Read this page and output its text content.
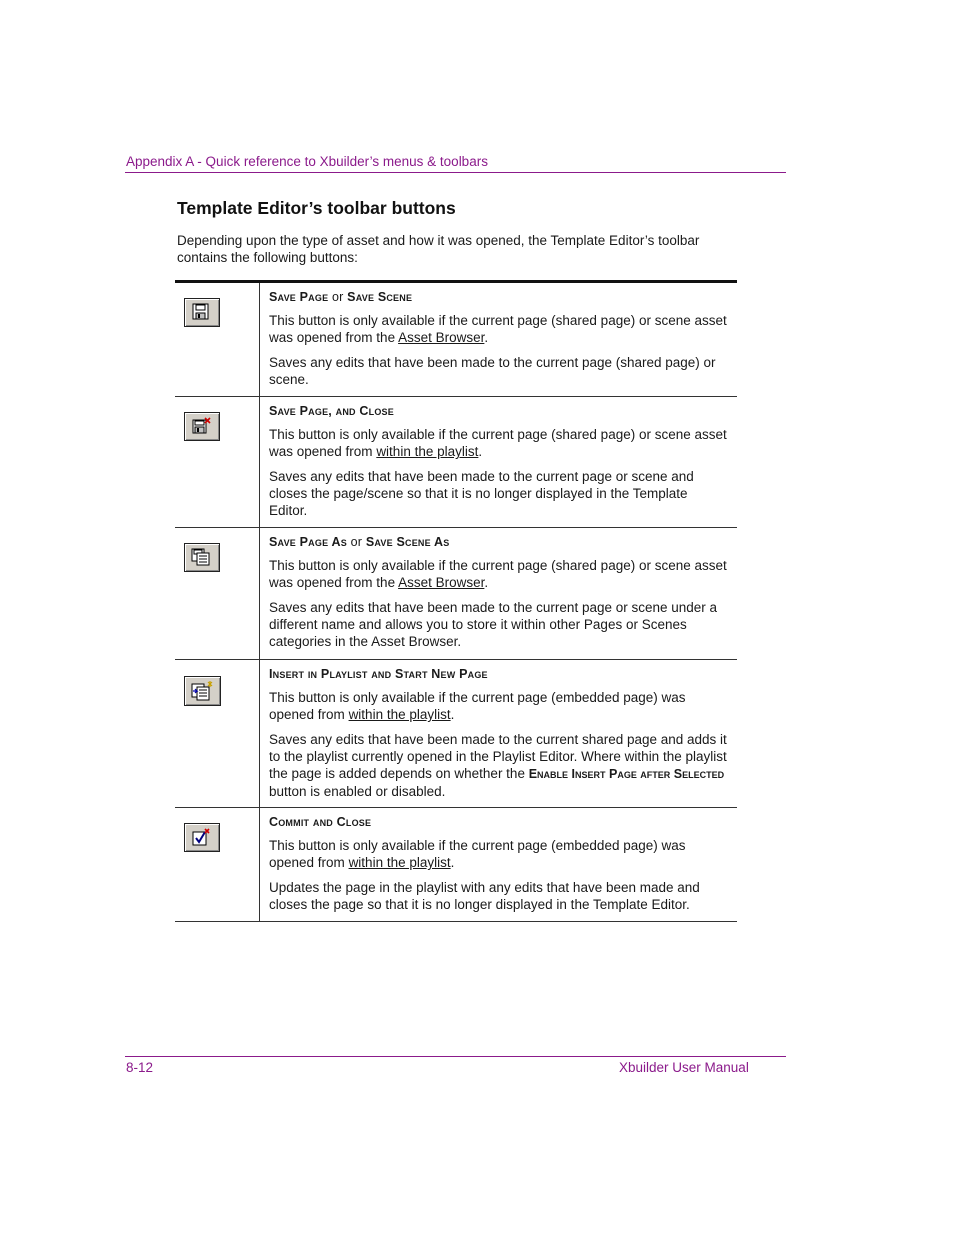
Appendix A - Quick reference to Xbuilder’s menus & toolbars
Template Editor’s toolbar buttons

Depending upon the type of asset and how it was opened, the Template Editor’s toolbar contains the following buttons:

Save Page or Save Scene

This button is only available if the current page (shared page) or scene asset was opened from the Asset Browser.

Saves any edits that have been made to the current page (shared page) or scene.

Save Page, and Close

This button is only available if the current page (shared page) or scene asset was opened from within the playlist.

Saves any edits that have been made to the current page or scene and closes the page/scene so that it is no longer displayed in the Template Editor.

Save Page As or Save Scene As

This button is only available if the current page (shared page) or scene asset was opened from the Asset Browser.

Saves any edits that have been made to the current page or scene under a different name and allows you to store it within other Pages or Scenes categories in the Asset Browser.

Insert in Playlist and Start New Page

This button is only available if the current page (embedded page) was opened from within the playlist.

Saves any edits that have been made to the current shared page and adds it to the playlist currently opened in the Playlist Editor. Where within the playlist the page is added depends on whether the Enable Insert Page after Selected button is enabled or disabled.

Commit and Close

This button is only available if the current page (embedded page) was opened from within the playlist.

Updates the page in the playlist with any edits that have been made and closes the page so that it is no longer displayed in the Template Editor.

8-12	Xbuilder User Manual
